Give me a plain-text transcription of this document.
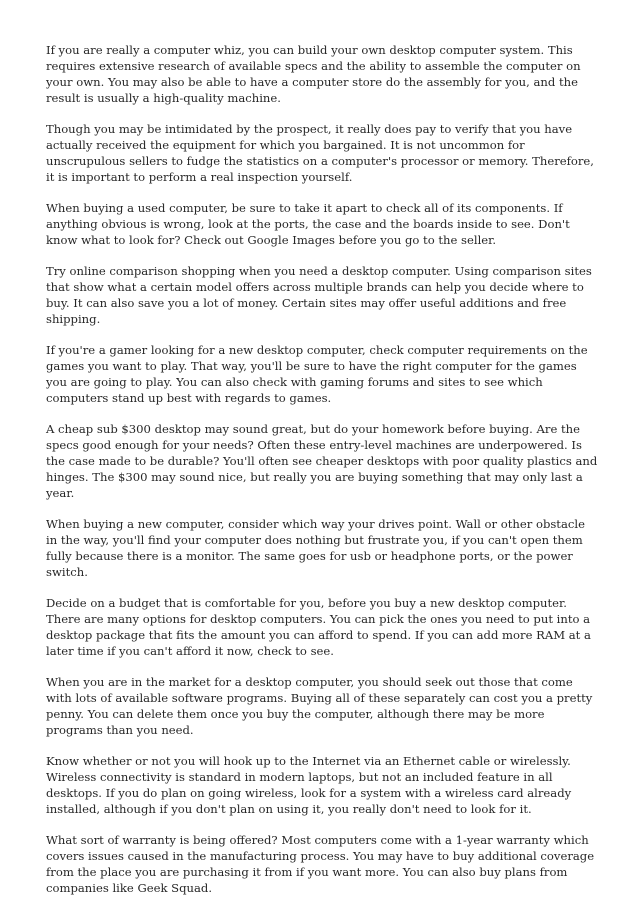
If you are really a computer whiz, you can build your own desktop computer system. This requires extensive research of available specs and the ability to assemble the computer on your own. You may also be able to have a computer store do the assembly for you, and the result is usually a high-quality machine.

Though you may be intimidated by the prospect, it really does pay to verify that you have actually received the equipment for which you bargained. It is not uncommon for unscrupulous sellers to fudge the statistics on a computer's processor or memory. Therefore, it is important to perform a real inspection yourself.

When buying a used computer, be sure to take it apart to check all of its components. If anything obvious is wrong, look at the ports, the case and the boards inside to see. Don't know what to look for? Check out Google Images before you go to the seller.

Try online comparison shopping when you need a desktop computer. Using comparison sites that show what a certain model offers across multiple brands can help you decide where to buy. It can also save you a lot of money. Certain sites may offer useful additions and free shipping.

If you're a gamer looking for a new desktop computer, check computer requirements on the games you want to play. That way, you'll be sure to have the right computer for the games you are going to play. You can also check with gaming forums and sites to see which computers stand up best with regards to games.

A cheap sub $300 desktop may sound great, but do your homework before buying. Are the specs good enough for your needs? Often these entry-level machines are underpowered. Is the case made to be durable? You'll often see cheaper desktops with poor quality plastics and hinges. The $300 may sound nice, but really you are buying something that may only last a year.

When buying a new computer, consider which way your drives point. Wall or other obstacle in the way, you'll find your computer does nothing but frustrate you, if you can't open them fully because there is a monitor. The same goes for usb or headphone ports, or the power switch.

Decide on a budget that is comfortable for you, before you buy a new desktop computer. There are many options for desktop computers. You can pick the ones you need to put into a desktop package that fits the amount you can afford to spend. If you can add more RAM at a later time if you can't afford it now, check to see.

When you are in the market for a desktop computer, you should seek out those that come with lots of available software programs. Buying all of these separately can cost you a pretty penny. You can delete them once you buy the computer, although there may be more programs than you need.

Know whether or not you will hook up to the Internet via an Ethernet cable or wirelessly. Wireless connectivity is standard in modern laptops, but not an included feature in all desktops. If you do plan on going wireless, look for a system with a wireless card already installed, although if you don't plan on using it, you really don't need to look for it.

What sort of warranty is being offered? Most computers come with a 1-year warranty which covers issues caused in the manufacturing process. You may have to buy additional coverage from the place you are purchasing it from if you want more. You can also buy plans from companies like Geek Squad.
